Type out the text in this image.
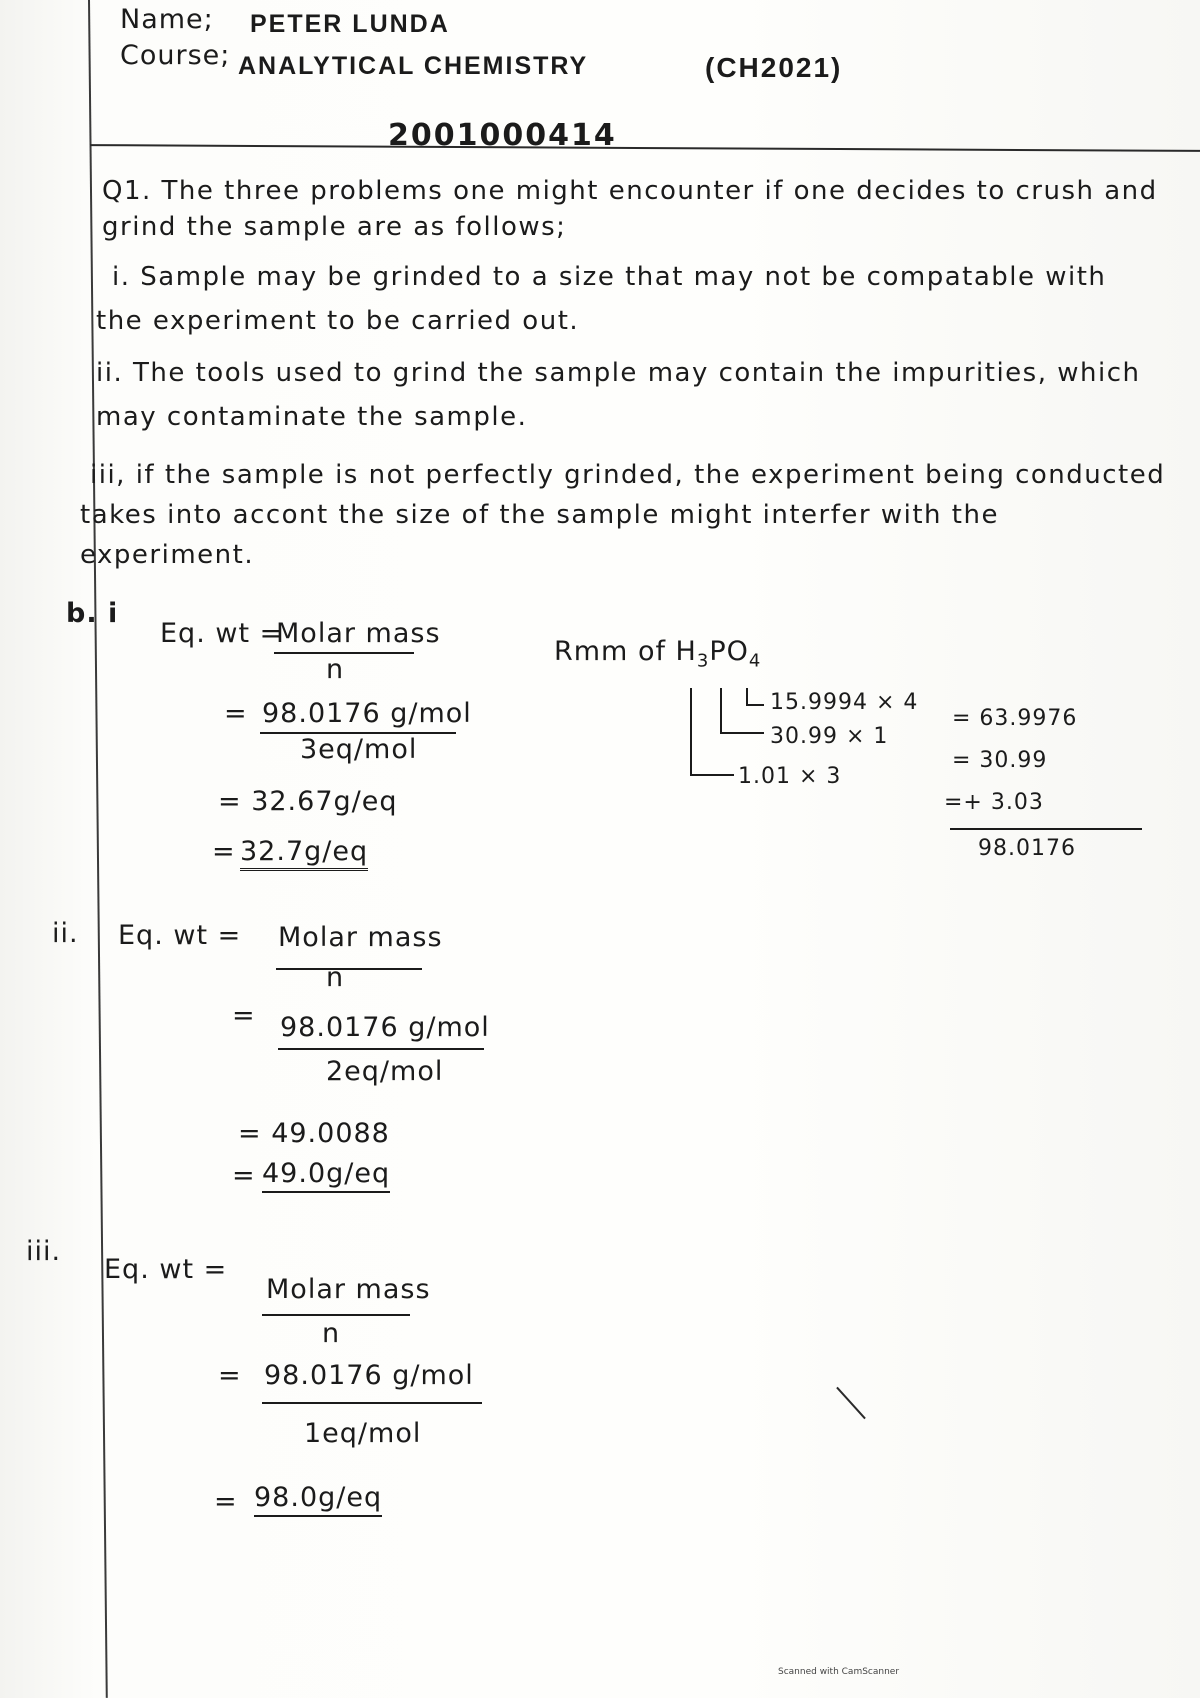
Name; PETER LUNDA
Course; ANALYTICAL CHEMISTRY	(CH2021)
2001000414
Q1. The three problems one might encounter if one decides to crush and
grind the sample are as follows;
i. Sample may be grinded to a size that may not be compatable with
the experiment to be carried out.
ii. The tools used to grind the sample may contain the impurities, which
may contaminate the sample.
iii, if the sample is not perfectly grinded, the experiment being conducted
takes into accont the size of the sample might interfer with the
experiment.
b. i
Eq. wt =
Molar mass
n
= 98.0176 g/mol
3eq/mol
= 32.67g/eq
= 32.7g/eq
Rmm of $H_3PO_4$
15.9994 × 4
30.99 × 1
1.01 × 3
= 63.9976
= 30.99
=+ 3.03
98.0176
ii. Eq. wt = Molar mass
n
= 98.0176 g/mol
2eq/mol
= 49.0088
= 49.0g/eq
iii.
Eq. wt =
Molar mass
n
= 98.0176 g/mol
1eq/mol
= 98.0g/eq
Scanned with CamScanner
